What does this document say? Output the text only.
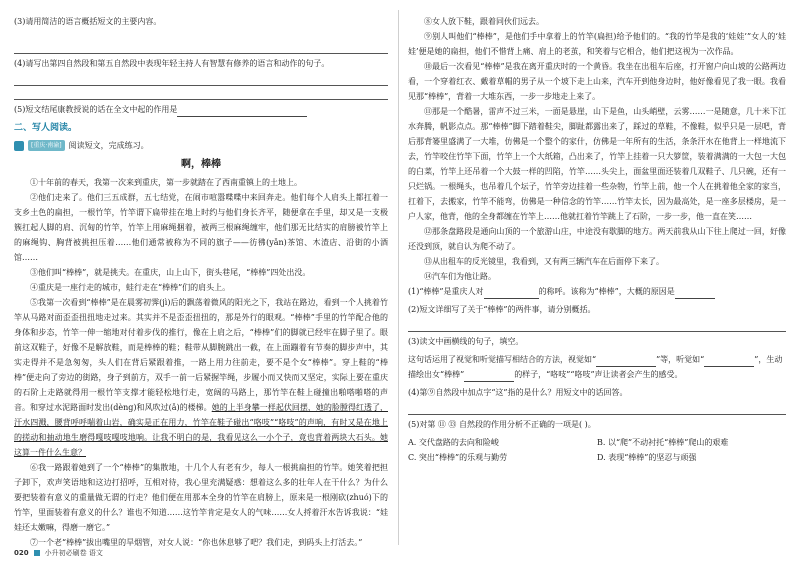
(3)请用简洁的语言概括短文的主要内容。

(4)请写出第四自然段和第五自然段中表现年轻主持人有智慧有修养的语言和动作的句子。

(5)短文结尾康教授说的话在全文中起的作用是

二、写人阅读。
[重庆·南渝] 阅读短文，完成练习。
啊，棒棒

①十年前的春天，我第一次来到重庆，第一步就踏在了西南重镇上的土地上。

②他们走来了。他们三五成群，五七结党，在闹市喧嚣喋喋中来回奔走。他们每个人肩头上都扛着一支乡土色的扁担，一根竹竿，竹竿谓下扁带挂在地上时约与他们身长齐平，随便拿在手里，却又是一支极簇扛起人脚的肩、沉甸的竹竿，竹竿上用麻绳捆着，被两三根麻绳缠牢，他们那无比结实的肩膀被竹竿上的麻绳钩、胸背被挑担压着……他们通常被称为不同的旗子——彷彿(yǎn)茶馆、木渣店、沿街的小酒馆……

③他们叫“棒棒”，就是挑夫。在重庆，山上山下，街头巷尾，“棒棒”四处出没。

④重庆是一座行走的城市，蛙行走在“棒棒”们的肩头上。

⑤我第一次看到“棒棒”是在晨雾初霁(jì)后的飘荡着微风的阳光之下，我站在路边，看到一个人挑着竹竿从马路对面歪歪扭扭地走过来。其实并不是歪歪扭扭的，那是外行的眼观。“棒棒”手里的竹竿配合他的身体和步态，竹竿一伸一缩地对付着步伐的推行，像在上肩之后，“棒棒”们的脚就已经牢在脚子里了。眼前这双鞋子，好像不是解放鞋，而是棒棒的鞋；鞋带从脚腕跳出一截，在上面蹦着有节奏的脚步声中，其实走得并不是急匆匆，头人们在背后紧跟着推，一路上用力往前走，要不是个女“棒棒”。穿上鞋的“棒棒”便走向了旁边的街路，身子到前方，双手一前一后紧握竿绳，步履小而又快而又坚定，实际上要在重庆的石阶上走路就得用一根竹竿支撑才能轻松地行走，宽阔的马路上，那竹竿在鞋上碰撞出啪嗒啪嗒的声音。和穿过水泥路面时发出(dèng)和风吹过(ǎ)的楼梯。她的上半身攀一样起伏回摆，她的脸膛得红透了，汗水四溅，腰背呼呼喘着山岩，确实是正在用力，竹竿在鞋子碰出“咯吱”“咯吱”的声响，有时又是在地上的搓动和抽动地生磨得嘎吱嘎吱地响。让我不明白的是，我看见这么一小个子，竟也背着两块大石头。她这算一件什么生意？

⑥我一路跟着她到了一个“棒棒”的集散地，十几个人有老有少，每人一根挑扁担的竹竿。她笑着把担子卸下，欢声笑语地和这边打招呼，互相对待，我心里充满疑惑：想着这么多的壮年人在干什么？为什么要把装着有意义的重量做无谓的行走？他们便在用那本全身的竹竿在肩膀上，原来是一根刚砍(zhuó)下的竹竿，里面装着有意义的什么？谁也不知道……这竹竿肯定是女人的气味……女人捋着汗水告诉我说：“娃娃还太嫩嘛，得磨一磨它。”

⑦一个老“棒棒”拔出嘴里的旱烟管，对女人说：“你也休息够了吧？我们走，到码头上打活去。”

⑧女人放下鞋，跟着同伙们远去。

⑨别人叫他们“棒棒”，是他们手中拿着上的竹竿(扁担)给予他们的。“我的竹竿是我的‘娃娃’”女人的‘娃娃’便是她的扁担，他们不惜背上痛、肩上的老茧，和笑着与它相合，他们把这视为一次作品。

⑩最后一次看见“棒棒”是我在离开重庆时的一个黄昏。我坐在出租车后座，打开窗户向山坡的公路两边看，一个穿着红衣、戴着草帽的男子从一个坡下走上山来，汽车开到他身边时，他好像看见了我一眼。我看见那“棒棒”，背着一大堆东西，一步一步地走上来了。

⑪那是一个酷暑，雷声不过三米，一面是悬崖，山下是鱼，山头峭壁，云雾……一是随意，几十米下江水奔腾，帆影点点。那“棒棒”脚下踏着鞋尖，脚趾都露出来了，踩过的草鞋，不像鞋，似乎只是一层吧，背后那背篓里盛满了一大堆，仿佛是一个整个的家什，仿佛是一年所有的生活，条条汗水在他背上一样地流下去，竹竿咬住竹竿下面，竹竿上一个大纸箱，凸出来了，竹竿上挂着一只大箩筐，装着满满的一大包一大包的白菜，竹竿上还吊着一个大鼓一样的凹陷，竹竿……头尖上，面盆里面还装着几双鞋子、几只碗，还有一只烂锅。一根绳头，也吊着几个坛子，竹竿旁边挂着一些杂物，竹竿上前，他一个人在挑着他全家的家当，扛着下，去搬家，竹竿不能弯，仿佛是一种信念的竹竿……竹竿太长，因为最高处，是一座多层楼房，是一户人家，他背，他的全身都缠在竹竿上……他就扛着竹竿跳上了石阶，一步一步，他一直在笑……

⑫那条盘路段是通向山顶的一个旅游山庄，中途没有歇脚的地方。两天前我从山下往上爬过一回，好像还没到顶，就自认为爬不动了。

⑬从出租车的反光镜里，我看到，又有两三辆汽车在后面停下来了。

⑭汽车们为他让路。

(1)“棒棒”是重庆人对	的称呼。该称为“棒棒”，大概的原因是

(2)短文详细写了关于“棒棒”的两件事，请分别概括。

(3)读文中画横线的句子，填空。

这句话运用了视觉和听觉描写相结合的方法，视觉如“	”等，听觉如“	”，生动描绘出女“棒棒”	的样子，“咯吱”“咯吱”声让读者会产生的感受。

(4)第⑨自然段中加点字“这”指的是什么？用短文中的话回答。

(5)对第 ⑪ ⑬ 自然段的作用分析不正确的一项是( )。

A. 交代盘路的去向和险峻	B. 以“爬”不动衬托“棒棒”爬山的艰难
C. 突出“棒棒”的乐观与勤劳	D. 表现“棒棒”的坚忍与顽强
020 小升初必刷卷 语文
